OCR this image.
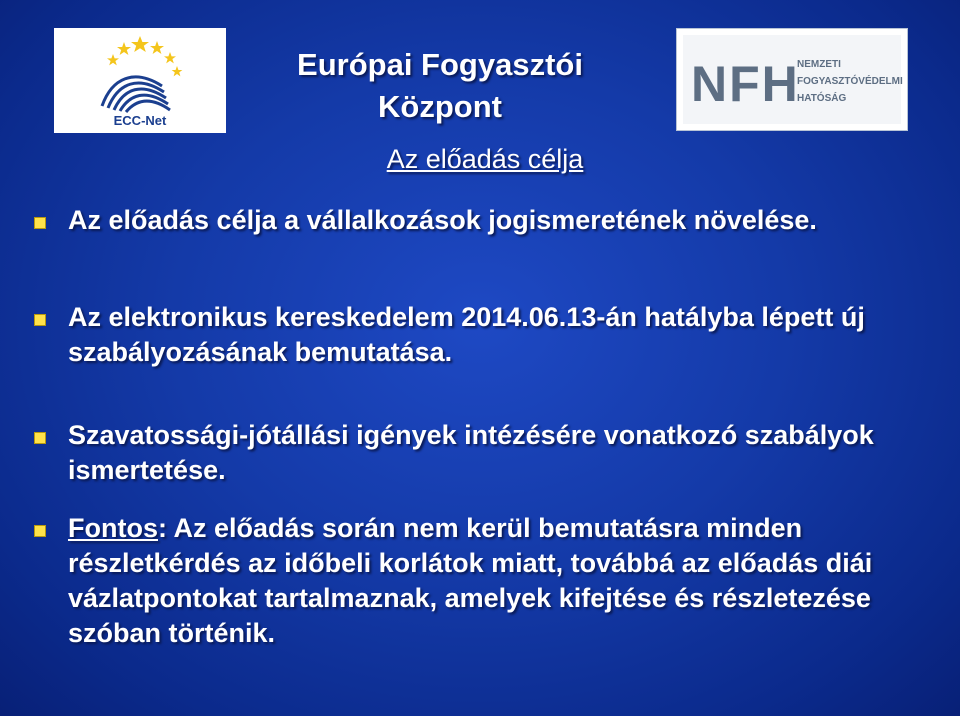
ECC-Net
NFH
NEMZETI
FOGYASZTÓVÉDELMI
HATÓSÁG
Európai Fogyasztói Központ
Az előadás célja
Az előadás célja a vállalkozások jogismeretének növelése.
Az elektronikus kereskedelem 2014.06.13-án hatályba lépett új szabályozásának bemutatása.
Szavatossági-jótállási igények intézésére vonatkozó szabályok ismertetése.
Fontos: Az előadás során nem kerül bemutatásra minden részletkérdés az időbeli korlátok miatt, továbbá az előadás diái vázlatpontokat tartalmaznak, amelyek kifejtése és részletezése szóban történik.
